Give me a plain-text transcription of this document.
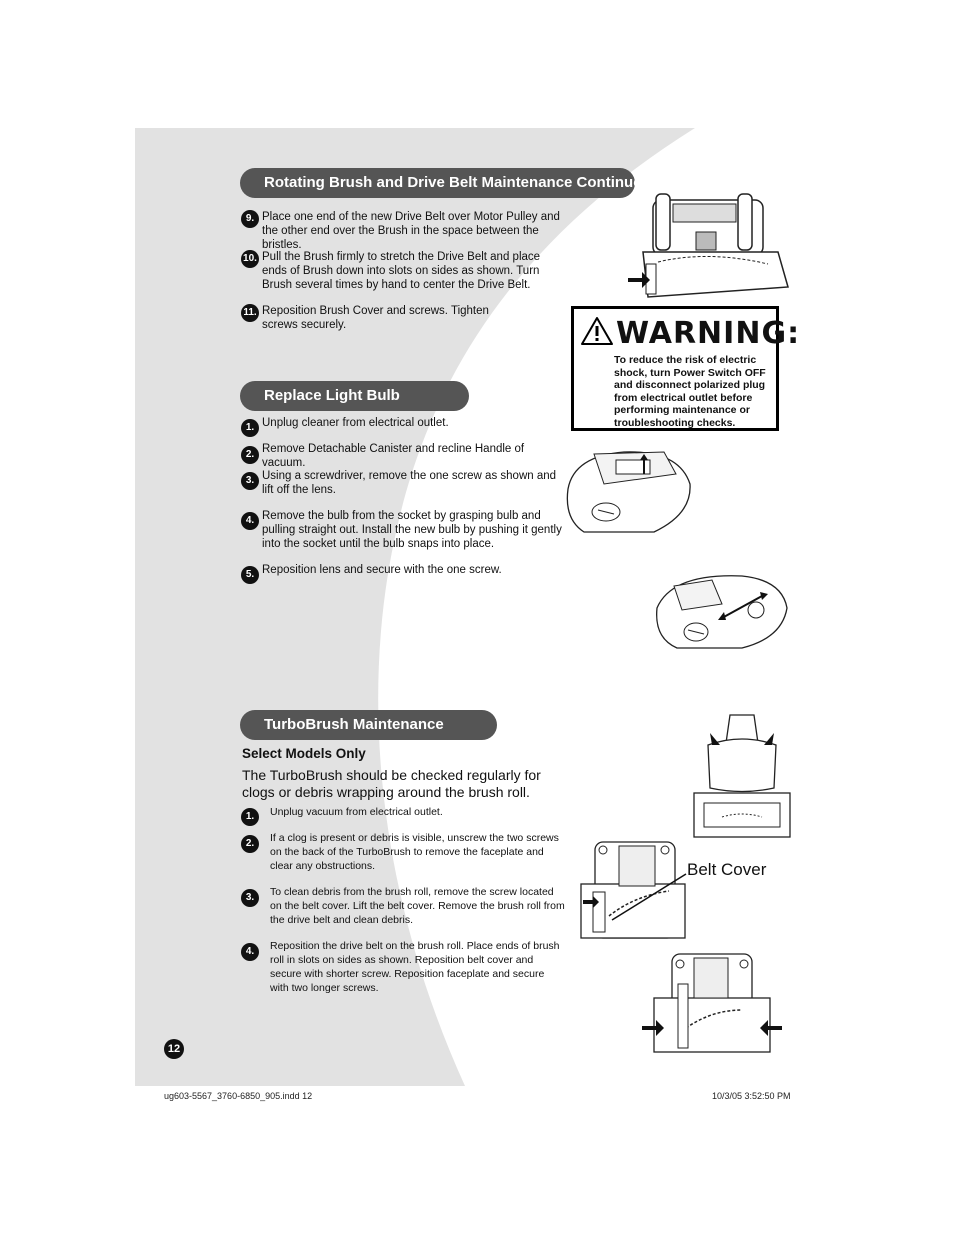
Rotating Brush and Drive Belt Maintenance Continued
9. Place one end of the new Drive Belt over Motor Pulley and the other end over the Brush in the space between the bristles.
10. Pull the Brush firmly to stretch the Drive Belt and place ends of Brush down into slots on sides as shown. Turn Brush several times by hand to center the Drive Belt.
11. Reposition Brush Cover and screws. Tighten screws securely.	WARNING:
To reduce the risk of electric shock, turn Power Switch OFF and disconnect polarized plug from electrical outlet before performing maintenance or troubleshooting checks.
Replace Light Bulb
1. Unplug cleaner from electrical outlet.
2. Remove Detachable Canister and recline Handle of vacuum.
3. Using a screwdriver, remove the one screw as shown and lift off the lens.
4. Remove the bulb from the socket by grasping bulb and pulling straight out. Install the new bulb by pushing it gently into the socket until the bulb snaps into place.
5. Reposition lens and secure with the one screw.
TurboBrush Maintenance
Select Models Only
The TurboBrush should be checked regularly for clogs or debris wrapping around the brush roll.
1.	Unplug vacuum from electrical outlet.
2.	If a clog is present or debris is visible, unscrew the two screws on the back of the TurboBrush to remove the faceplate and clear any obstructions.
3.	To clean debris from the brush roll, remove the screw located on the belt cover. Lift the belt cover. Remove the brush roll from the drive belt and clean debris.
4.	Reposition the drive belt on the brush roll. Place ends of brush roll in slots on sides as shown. Reposition belt cover and secure with shorter screw. Reposition faceplate and secure with two longer screws.
Belt Cover
12
ug603-5567_3760-6850_905.indd 12	10/3/05 3:52:50 PM
